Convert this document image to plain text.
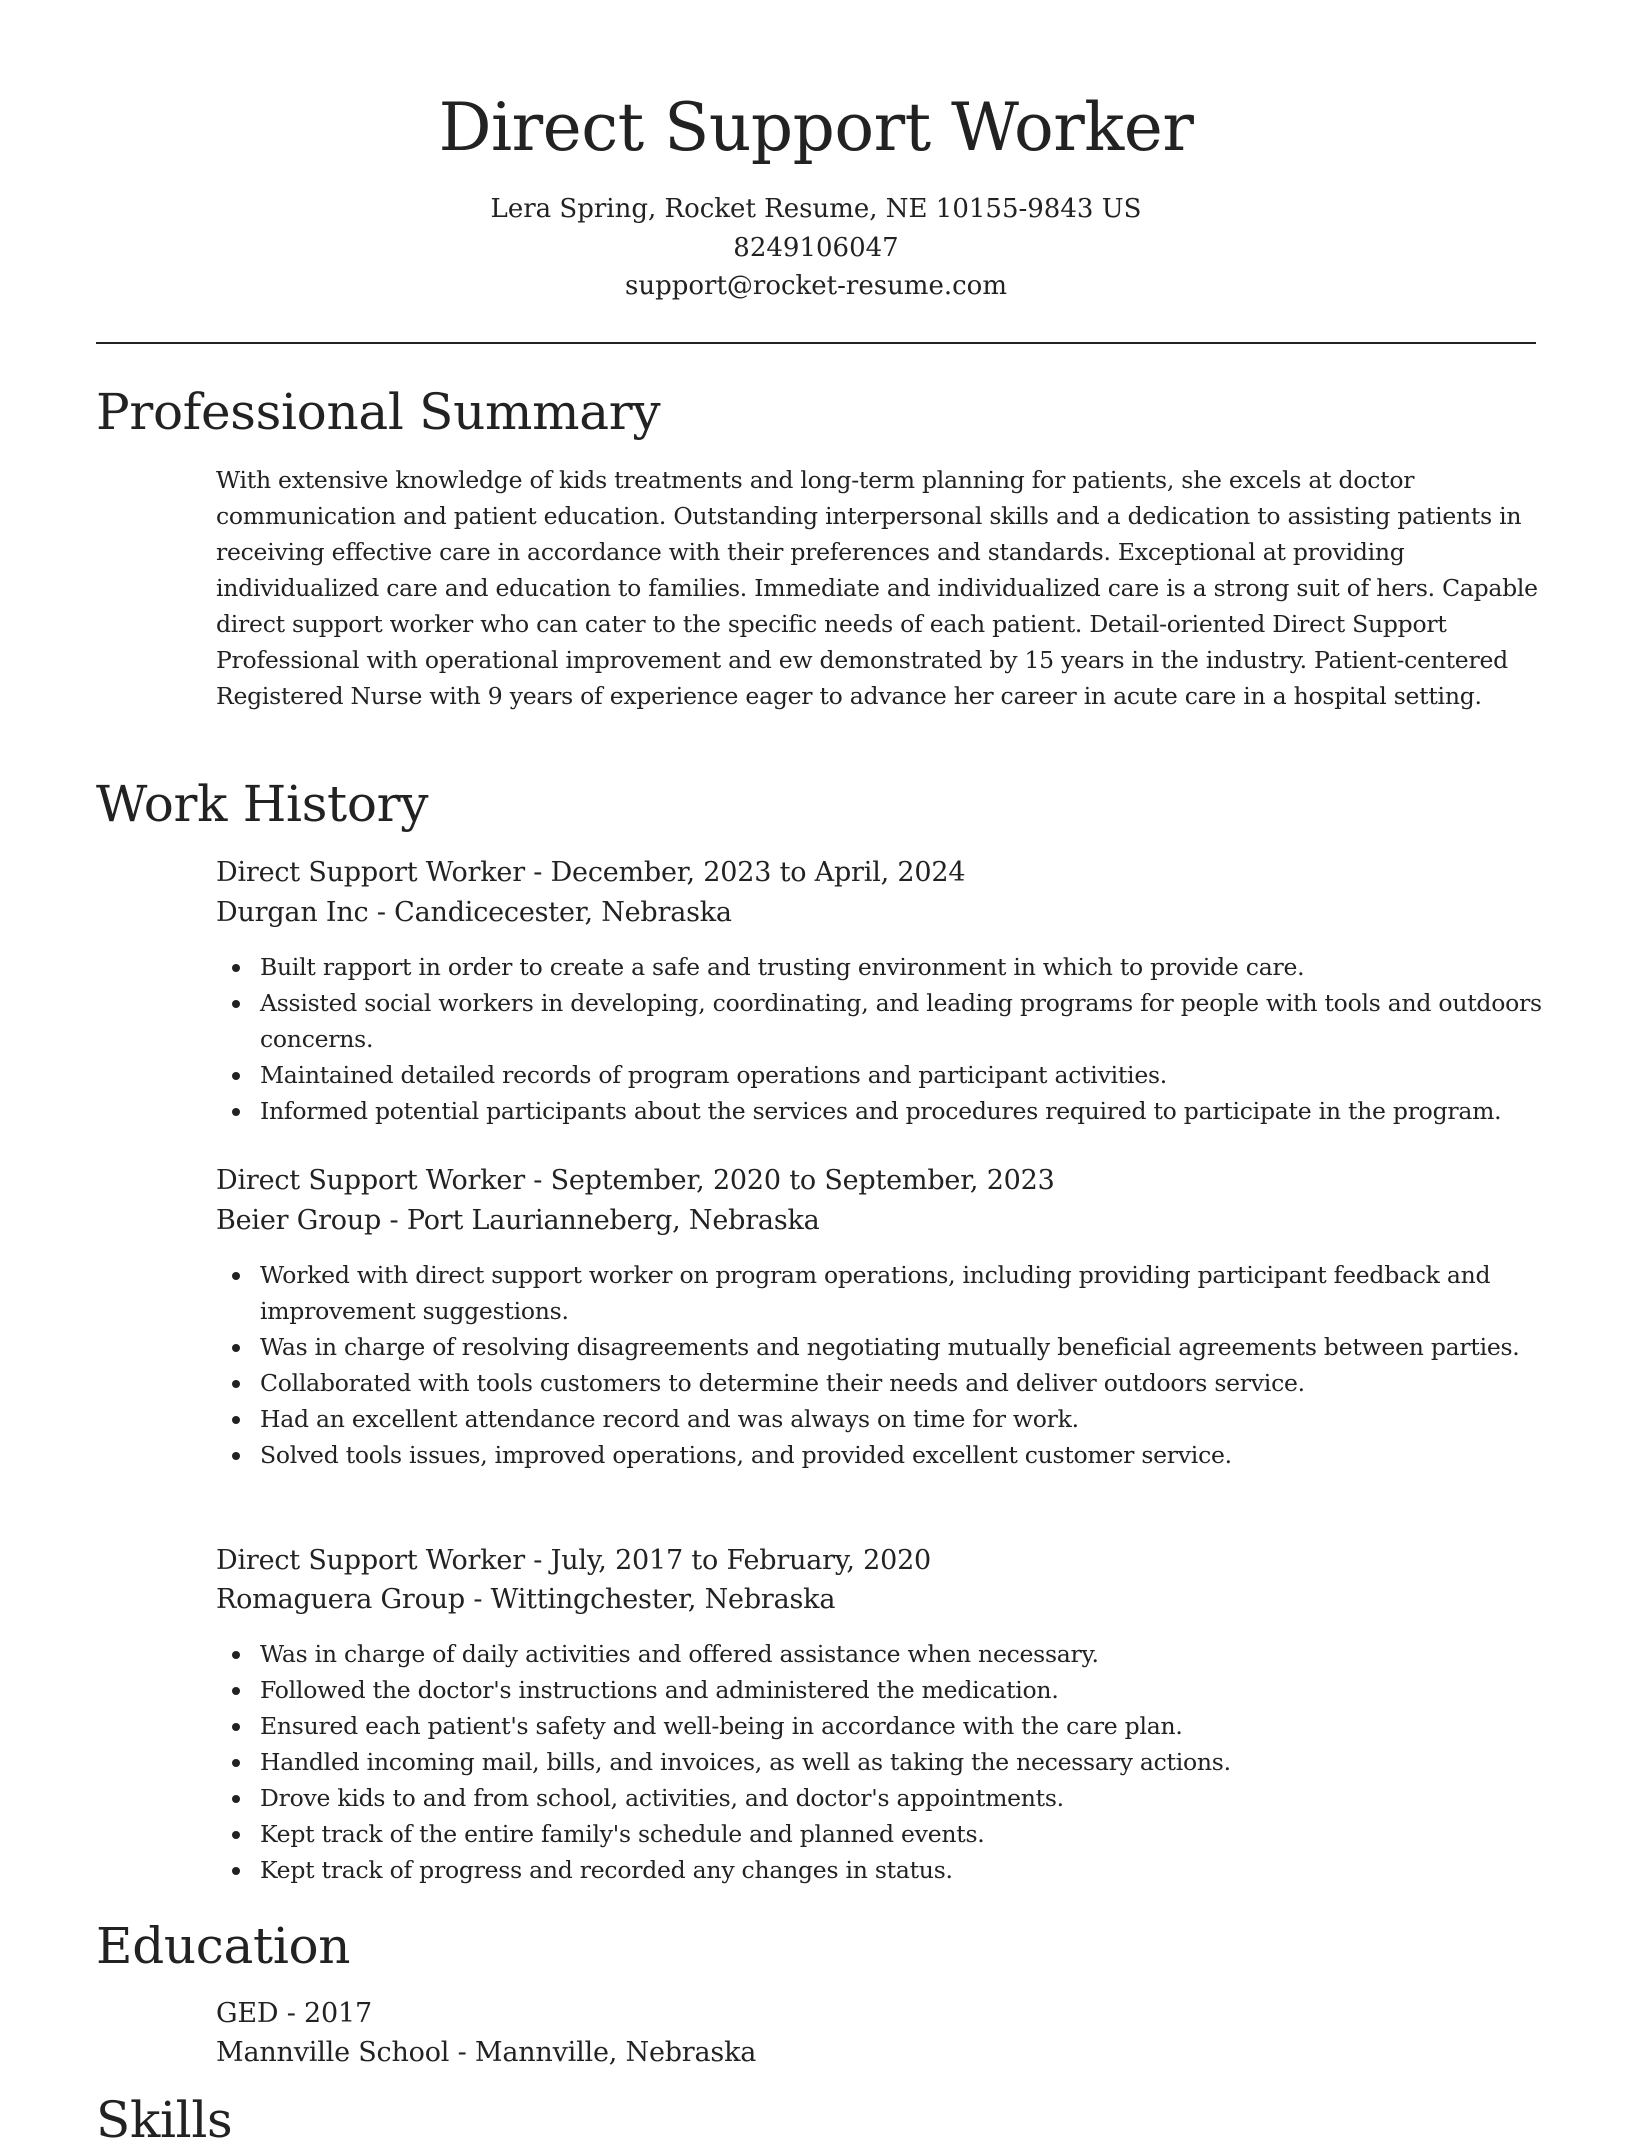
Direct Support Worker
Lera Spring, Rocket Resume, NE 10155-9843 US
8249106047
support@rocket-resume.com
Professional Summary

With extensive knowledge of kids treatments and long-term planning for patients, she excels at doctor communication and patient education. Outstanding interpersonal skills and a dedication to assisting patients in receiving effective care in accordance with their preferences and standards. Exceptional at providing individualized care and education to families. Immediate and individualized care is a strong suit of hers. Capable direct support worker who can cater to the specific needs of each patient. Detail-oriented Direct Support Professional with operational improvement and ew demonstrated by 15 years in the industry. Patient-centered Registered Nurse with 9 years of experience eager to advance her career in acute care in a hospital setting.

Work History
Direct Support Worker - December, 2023 to April, 2024
Durgan Inc - Candicecester, Nebraska
Built rapport in order to create a safe and trusting environment in which to provide care.
Assisted social workers in developing, coordinating, and leading programs for people with tools and outdoors concerns.
Maintained detailed records of program operations and participant activities.
Informed potential participants about the services and procedures required to participate in the program.
Direct Support Worker - September, 2020 to September, 2023
Beier Group - Port Laurianneberg, Nebraska
Worked with direct support worker on program operations, including providing participant feedback and improvement suggestions.
Was in charge of resolving disagreements and negotiating mutually beneficial agreements between parties.
Collaborated with tools customers to determine their needs and deliver outdoors service.
Had an excellent attendance record and was always on time for work.
Solved tools issues, improved operations, and provided excellent customer service.
Direct Support Worker - July, 2017 to February, 2020
Romaguera Group - Wittingchester, Nebraska
Was in charge of daily activities and offered assistance when necessary.
Followed the doctor's instructions and administered the medication.
Ensured each patient's safety and well-being in accordance with the care plan.
Handled incoming mail, bills, and invoices, as well as taking the necessary actions.
Drove kids to and from school, activities, and doctor's appointments.
Kept track of the entire family's schedule and planned events.
Kept track of progress and recorded any changes in status.
Education
GED - 2017
Mannville School - Mannville, Nebraska
Skills
